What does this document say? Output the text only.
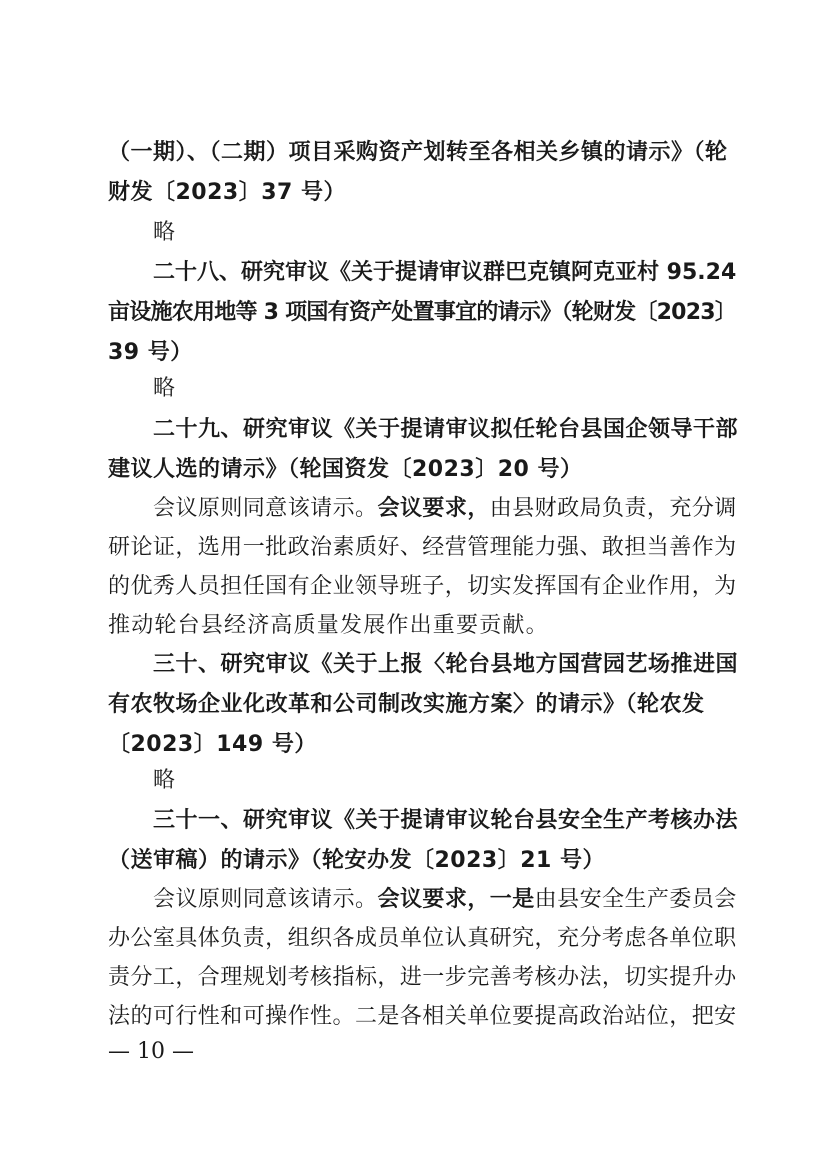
（一期）、（二期）项目采购资产划转至各相关乡镇的请示》（轮
财发〔2023〕37 号）
略
二十八、研究审议《关于提请审议群巴克镇阿克亚村 95.24
亩设施农用地等 3 项国有资产处置事宜的请示》（轮财发〔2023〕
39 号）
略
二十九、研究审议《关于提请审议拟任轮台县国企领导干部
建议人选的请示》（轮国资发〔2023〕20 号）
会议原则同意该请示。会议要求，由县财政局负责，充分调
研论证，选用一批政治素质好、经营管理能力强、敢担当善作为
的优秀人员担任国有企业领导班子，切实发挥国有企业作用，为
推动轮台县经济高质量发展作出重要贡献。
三十、研究审议《关于上报〈轮台县地方国营园艺场推进国
有农牧场企业化改革和公司制改实施方案〉的请示》（轮农发
〔2023〕149 号）
略
三十一、研究审议《关于提请审议轮台县安全生产考核办法
（送审稿）的请示》（轮安办发〔2023〕21 号）
会议原则同意该请示。会议要求，一是由县安全生产委员会
办公室具体负责，组织各成员单位认真研究，充分考虑各单位职
责分工，合理规划考核指标，进一步完善考核办法，切实提升办
法的可行性和可操作性。二是各相关单位要提高政治站位，把安
— 10 —
